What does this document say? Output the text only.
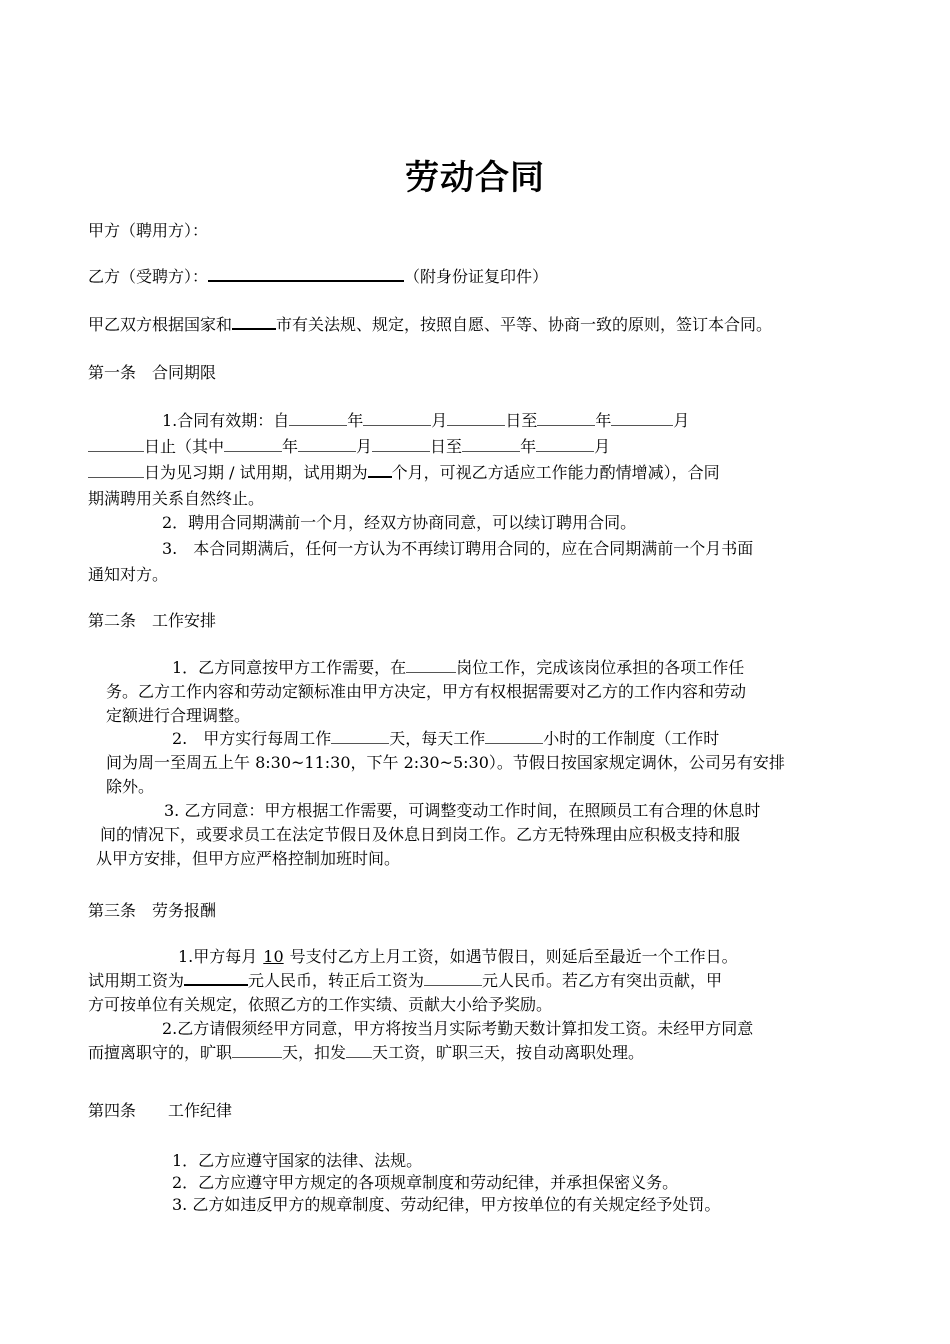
劳动合同
甲方（聘用方）：
乙方（受聘方）：	（附身份证复印件）
甲乙双方根据国家和	市有关法规、规定，按照自愿、平等、协商一致的原则，签订本合同。
第一条　合同期限
1.合同有效期：自	年	月	日至	年	月
日止（其中	年	月	日至	年	月
日为见习期 / 试用期，试用期为 个月，可视乙方适应工作能力酌情增减），合同
期满聘用关系自然终止。
2．聘用合同期满前一个月，经双方协商同意，可以续订聘用合同。
3.　本合同期满后，任何一方认为不再续订聘用合同的，应在合同期满前一个月书面
通知对方。
第二条　工作安排
1．乙方同意按甲方工作需要，在	岗位工作，完成该岗位承担的各项工作任
务。乙方工作内容和劳动定额标准由甲方决定，甲方有权根据需要对乙方的工作内容和劳动
定额进行合理调整。
2.　甲方实行每周工作	天，每天工作	小时的工作制度（工作时
间为周一至周五上午 8:30~11:30，下午 2:30~5:30）。节假日按国家规定调休，公司另有安排
除外。
3. 乙方同意：甲方根据工作需要，可调整变动工作时间，在照顾员工有合理的休息时
间的情况下，或要求员工在法定节假日及休息日到岗工作。乙方无特殊理由应积极支持和服
从甲方安排，但甲方应严格控制加班时间。
第三条　劳务报酬
1.甲方每月 10 号支付乙方上月工资，如遇节假日，则延后至最近一个工作日。
试用期工资为	元人民币，转正后工资为	元人民币。若乙方有突出贡献，甲
方可按单位有关规定，依照乙方的工作实绩、贡献大小给予奖励。
2.乙方请假须经甲方同意，甲方将按当月实际考勤天数计算扣发工资。未经甲方同意
而擅离职守的，旷职	天，扣发 天工资，旷职三天，按自动离职处理。
第四条　　工作纪律
1．乙方应遵守国家的法律、法规。
2．乙方应遵守甲方规定的各项规章制度和劳动纪律，并承担保密义务。
3. 乙方如违反甲方的规章制度、劳动纪律，甲方按单位的有关规定经予处罚。
